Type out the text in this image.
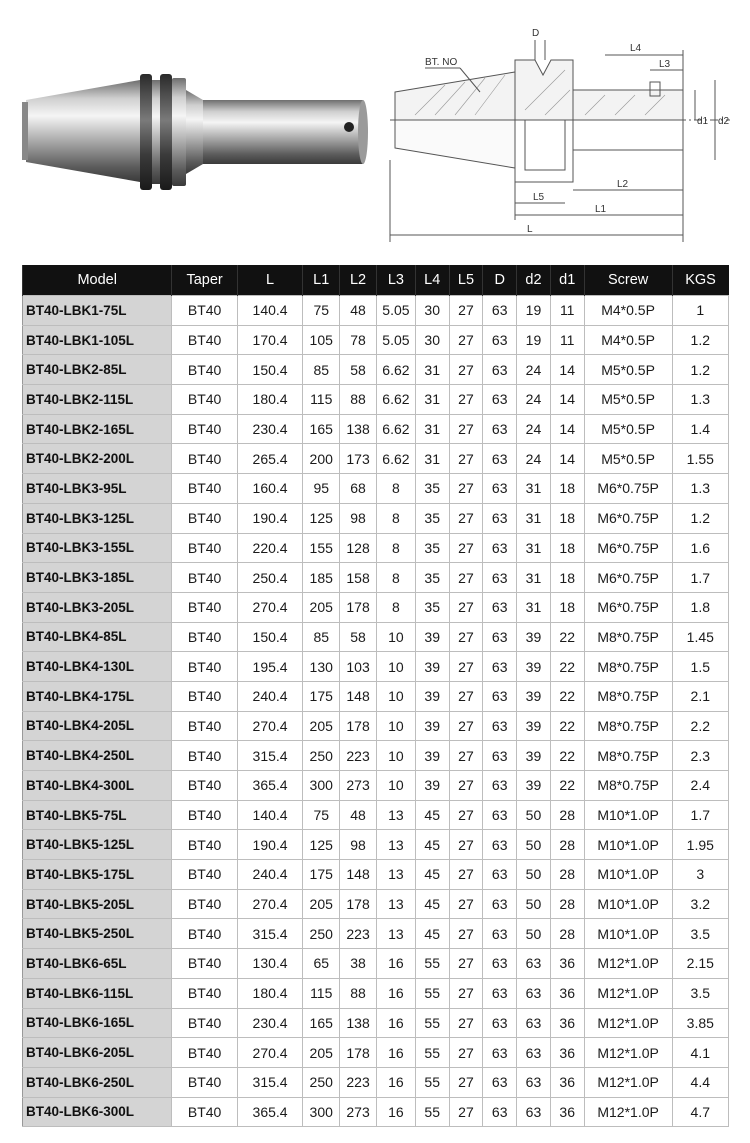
D
BT. NO
L4
L3
d1 d2
L2
L5
L1
L
Model	Taper	L	L1	L2	L3	L4	L5	D	d2	d1	Screw	KGS
BT40-LBK1-75L	BT40	140.4	75	48	5.05	30	27	63	19	11	M4*0.5P	1
BT40-LBK1-105L	BT40	170.4	105	78	5.05	30	27	63	19	11	M4*0.5P	1.2
BT40-LBK2-85L	BT40	150.4	85	58	6.62	31	27	63	24	14	M5*0.5P	1.2
BT40-LBK2-115L	BT40	180.4	115	88	6.62	31	27	63	24	14	M5*0.5P	1.3
BT40-LBK2-165L	BT40	230.4	165	138	6.62	31	27	63	24	14	M5*0.5P	1.4
BT40-LBK2-200L	BT40	265.4	200	173	6.62	31	27	63	24	14	M5*0.5P	1.55
BT40-LBK3-95L	BT40	160.4	95	68	8	35	27	63	31	18	M6*0.75P	1.3
BT40-LBK3-125L	BT40	190.4	125	98	8	35	27	63	31	18	M6*0.75P	1.2
BT40-LBK3-155L	BT40	220.4	155	128	8	35	27	63	31	18	M6*0.75P	1.6
BT40-LBK3-185L	BT40	250.4	185	158	8	35	27	63	31	18	M6*0.75P	1.7
BT40-LBK3-205L	BT40	270.4	205	178	8	35	27	63	31	18	M6*0.75P	1.8
BT40-LBK4-85L	BT40	150.4	85	58	10	39	27	63	39	22	M8*0.75P	1.45
BT40-LBK4-130L	BT40	195.4	130	103	10	39	27	63	39	22	M8*0.75P	1.5
BT40-LBK4-175L	BT40	240.4	175	148	10	39	27	63	39	22	M8*0.75P	2.1
BT40-LBK4-205L	BT40	270.4	205	178	10	39	27	63	39	22	M8*0.75P	2.2
BT40-LBK4-250L	BT40	315.4	250	223	10	39	27	63	39	22	M8*0.75P	2.3
BT40-LBK4-300L	BT40	365.4	300	273	10	39	27	63	39	22	M8*0.75P	2.4
BT40-LBK5-75L	BT40	140.4	75	48	13	45	27	63	50	28	M10*1.0P	1.7
BT40-LBK5-125L	BT40	190.4	125	98	13	45	27	63	50	28	M10*1.0P	1.95
BT40-LBK5-175L	BT40	240.4	175	148	13	45	27	63	50	28	M10*1.0P	3
BT40-LBK5-205L	BT40	270.4	205	178	13	45	27	63	50	28	M10*1.0P	3.2
BT40-LBK5-250L	BT40	315.4	250	223	13	45	27	63	50	28	M10*1.0P	3.5
BT40-LBK6-65L	BT40	130.4	65	38	16	55	27	63	63	36	M12*1.0P	2.15
BT40-LBK6-115L	BT40	180.4	115	88	16	55	27	63	63	36	M12*1.0P	3.5
BT40-LBK6-165L	BT40	230.4	165	138	16	55	27	63	63	36	M12*1.0P	3.85
BT40-LBK6-205L	BT40	270.4	205	178	16	55	27	63	63	36	M12*1.0P	4.1
BT40-LBK6-250L	BT40	315.4	250	223	16	55	27	63	63	36	M12*1.0P	4.4
BT40-LBK6-300L	BT40	365.4	300	273	16	55	27	63	63	36	M12*1.0P	4.7
